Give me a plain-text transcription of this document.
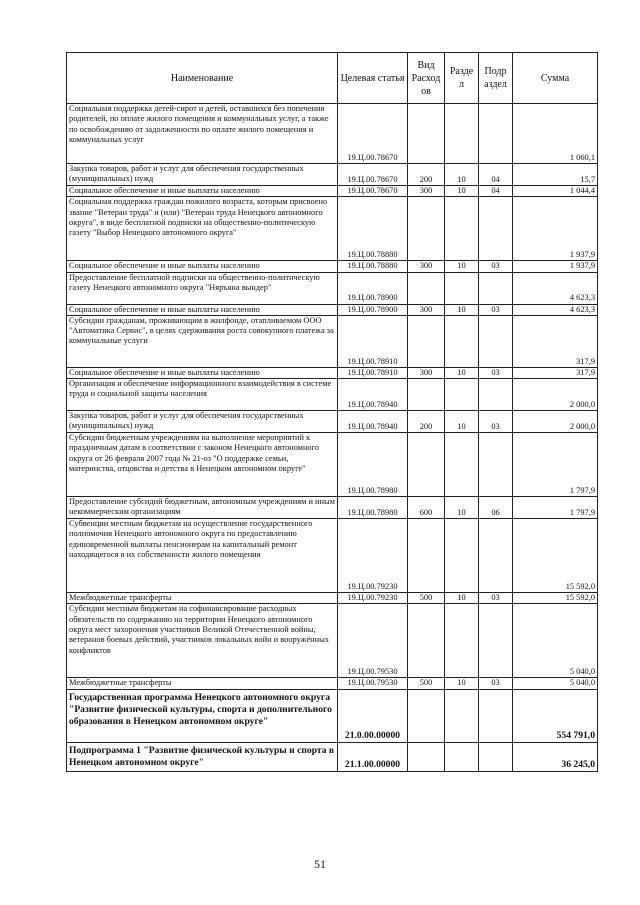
Наименование	Целевая статья	Вид Расход ов	Разде л	Подр аздел	Сумма
Социальная поддержка детей-сирот и детей, оставшихся без попечения родителей, по оплате жилого помещения и коммунальных услуг, а также по освобождению от задолженности по оплате жилого помещения и коммунальных услуг	19.Ц.00.78670				1 060,1
Закупка товаров, работ и услуг для обеспечения государственных (муниципальных) нужд	19.Ц.00.78670	200	10	04	15,7
Социальное обеспечение и иные выплаты населению	19.Ц.00.78670	300	10	04	1 044,4
Социальная поддержка граждан пожилого возраста, которым присвоено звание "Ветеран труда" и (или) "Ветеран труда Ненецкого автономного округа", в виде бесплатной подписки на общественно-политическую газету "Выбор Ненецкого автономного округа"	19.Ц.00.78880				1 937,9
Социальное обеспечение и иные выплаты населению	19.Ц.00.78880	300	10	03	1 937,9
Предоставление бесплатной подписки на общественно-политическую газету Ненецкого автономного округа "Няръяна вындер"	19.Ц.00.78900				4 623,3
Социальное обеспечение и иные выплаты населению	19.Ц.00.78900	300	10	03	4 623,3
Субсидии гражданам, проживающим в жилфонде, отапливаемом ООО "Автоматика Сервис", в целях сдерживания роста совокупного платежа за коммунальные услуги	19.Ц.00.78910				317,9
Социальное обеспечение и иные выплаты населению	19.Ц.00.78910	300	10	03	317,9
Организация и обеспечение информационного взаимодействия в системе труда и социальной защиты населения	19.Ц.00.78940				2 000,0
Закупка товаров, работ и услуг для обеспечения государственных (муниципальных) нужд	19.Ц.00.78940	200	10	03	2 000,0
Субсидии бюджетным учреждениям на выполнение мероприятий к праздничным датам в соответствии с законом Ненецкого автономного округа от 26 февраля 2007 года № 21-оз "О поддержке семьи, материнства, отцовства и детства в Ненецком автономном округе"	19.Ц.00.78980				1 797,9
Предоставление субсидий бюджетным, автономным учреждениям и иным некоммерческим организациям	19.Ц.00.78980	600	10	06	1 797,9
Субвенции местным бюджетам на осуществление государственного полномочия Ненецкого автономного округа по предоставлению единовременной выплаты пенсионерам на капитальный ремонт находящегося в их собственности жилого помещения	19.Ц.00.79230				15 592,0
Межбюджетные трансферты	19.Ц.00.79230	500	10	03	15 592,0
Субсидии местным бюджетам на софинансирование расходных обязательств по содержанию на территории Ненецкого автономного округа мест захоронения участников Великой Отечественной войны, ветеранов боевых действий, участников локальных войн и вооружённых конфликтов	19.Ц.00.79530				5 040,0
Межбюджетные трансферты	19.Ц.00.79530	500	10	03	5 040,0
Государственная программа Ненецкого автономного округа "Развитие физической культуры, спорта и дополнительного образования в Ненецком автономном округе"	21.0.00.00000				554 791,0
Подпрограмма 1 "Развитие физической культуры и спорта в Ненецком автономном округе"	21.1.00.00000				36 245,0
51
